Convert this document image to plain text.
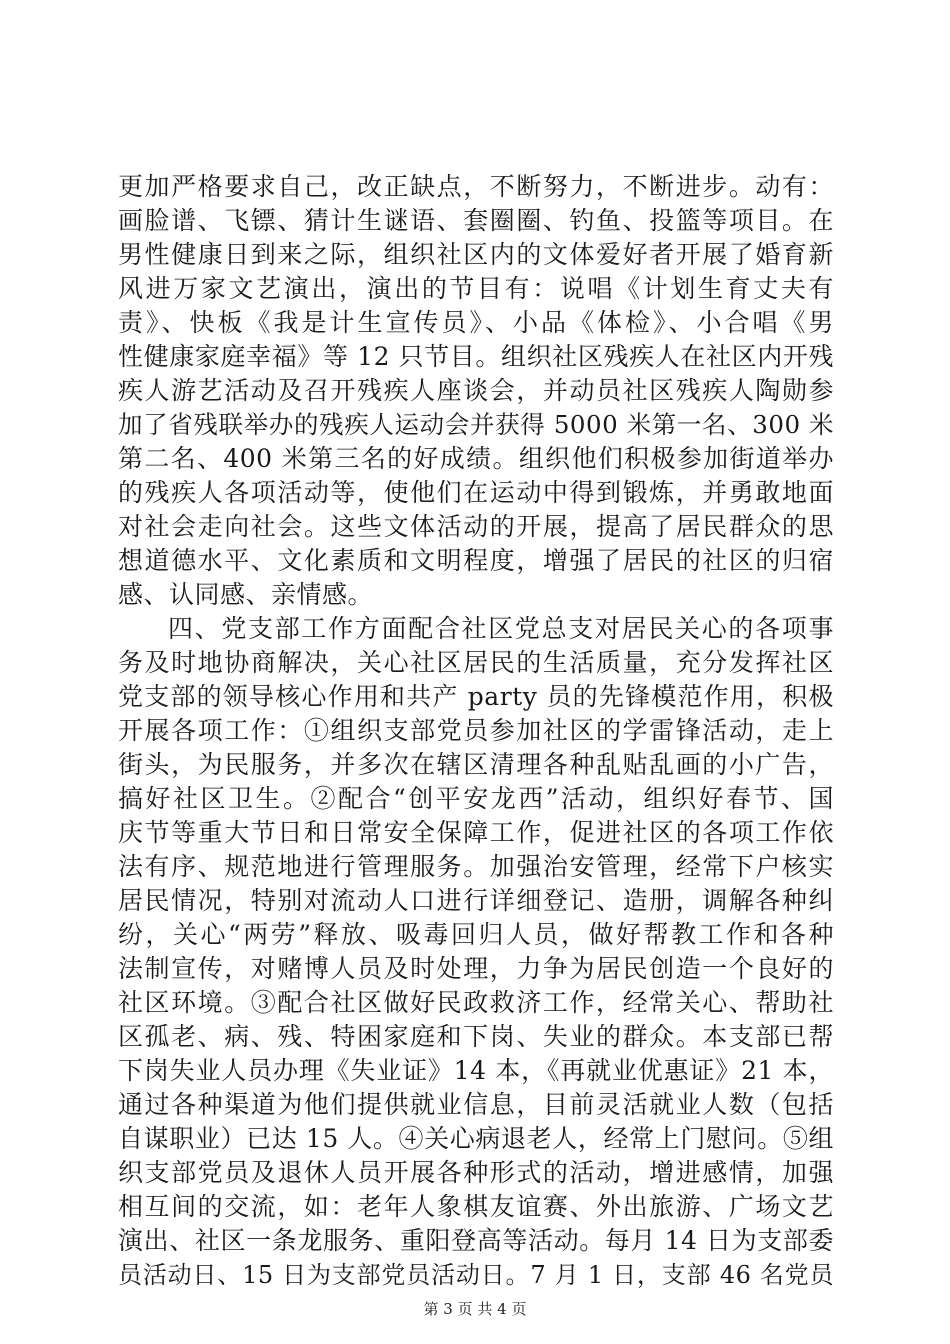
更加严格要求自己，改正缺点，不断努力，不断进步。动有：
画脸谱、飞镖、猜计生谜语、套圈圈、钓鱼、投篮等项目。在
男性健康日到来之际，组织社区内的文体爱好者开展了婚育新
风进万家文艺演出，演出的节目有：说唱《计划生育丈夫有
责》、快板《我是计生宣传员》、小品《体检》、小合唱《男
性健康家庭幸福》等 12 只节目。组织社区残疾人在社区内开残
疾人游艺活动及召开残疾人座谈会，并动员社区残疾人陶勋参
加了省残联举办的残疾人运动会并获得 5000 米第一名、300 米
第二名、400 米第三名的好成绩。组织他们积极参加街道举办
的残疾人各项活动等，使他们在运动中得到锻炼，并勇敢地面
对社会走向社会。这些文体活动的开展，提高了居民群众的思
想道德水平、文化素质和文明程度，增强了居民的社区的归宿
感、认同感、亲情感。
四、党支部工作方面配合社区党总支对居民关心的各项事
务及时地协商解决，关心社区居民的生活质量，充分发挥社区
党支部的领导核心作用和共产 party 员的先锋模范作用，积极
开展各项工作：①组织支部党员参加社区的学雷锋活动，走上
街头，为民服务，并多次在辖区清理各种乱贴乱画的小广告，
搞好社区卫生。②配合“创平安龙西”活动，组织好春节、国
庆节等重大节日和日常安全保障工作，促进社区的各项工作依
法有序、规范地进行管理服务。加强治安管理，经常下户核实
居民情况，特别对流动人口进行详细登记、造册，调解各种纠
纷，关心“两劳”释放、吸毒回归人员，做好帮教工作和各种
法制宣传，对赌博人员及时处理，力争为居民创造一个良好的
社区环境。③配合社区做好民政救济工作，经常关心、帮助社
区孤老、病、残、特困家庭和下岗、失业的群众。本支部已帮
下岗失业人员办理《失业证》14 本，《再就业优惠证》21 本，
通过各种渠道为他们提供就业信息，目前灵活就业人数（包括
自谋职业）已达 15 人。④关心病退老人，经常上门慰问。⑤组
织支部党员及退休人员开展各种形式的活动，增进感情，加强
相互间的交流，如：老年人象棋友谊赛、外出旅游、广场文艺
演出、社区一条龙服务、重阳登高等活动。每月 14 日为支部委
员活动日、15 日为支部党员活动日。7 月 1 日，支部 46 名党员
第 3 页 共 4 页
